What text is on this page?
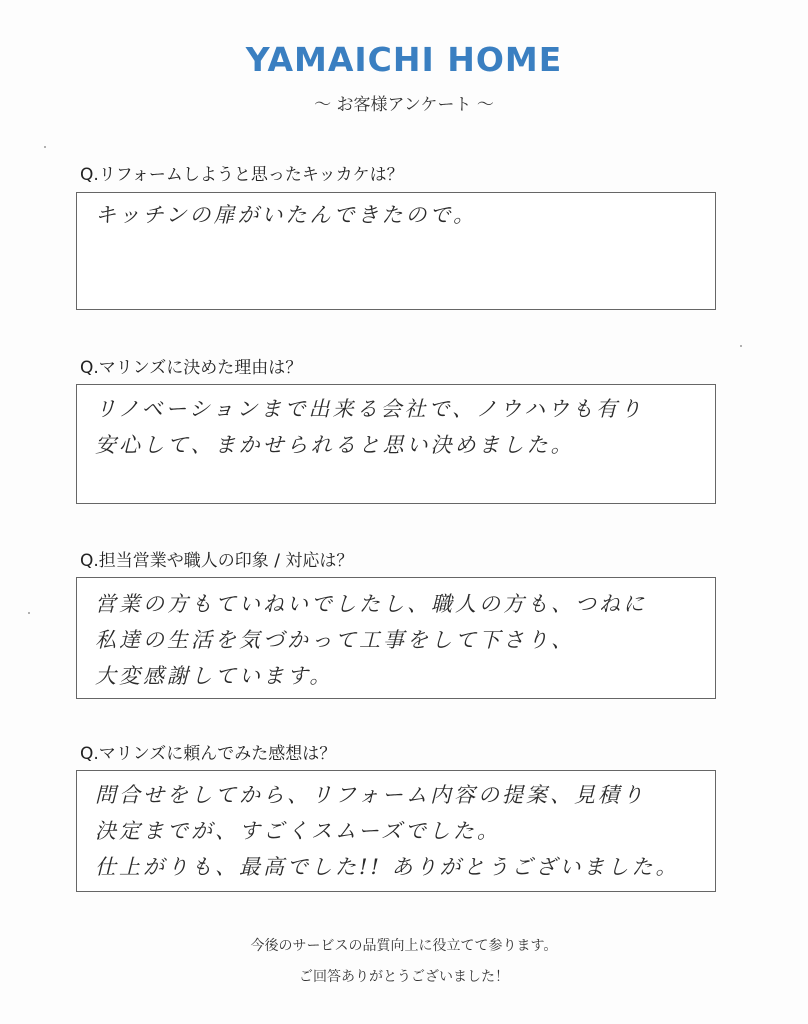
YAMAICHI HOME
～ お客様アンケート ～
Q.リフォームしようと思ったキッカケは？
キッチンの扉がいたんできたので。
Q.マリンズに決めた理由は？
リノベーションまで出来る会社で、ノウハウも有り
安心して、まかせられると思い決めました。
Q.担当営業や職人の印象 / 対応は？
営業の方もていねいでしたし、職人の方も、つねに
私達の生活を気づかって工事をして下さり、
大変感謝しています。
Q.マリンズに頼んでみた感想は？
問合せをしてから、リフォーム内容の提案、見積り
決定までが、すごくスムーズでした。
仕上がりも、最高でした!! ありがとうございました。
今後のサービスの品質向上に役立てて参ります。
ご回答ありがとうございました！
